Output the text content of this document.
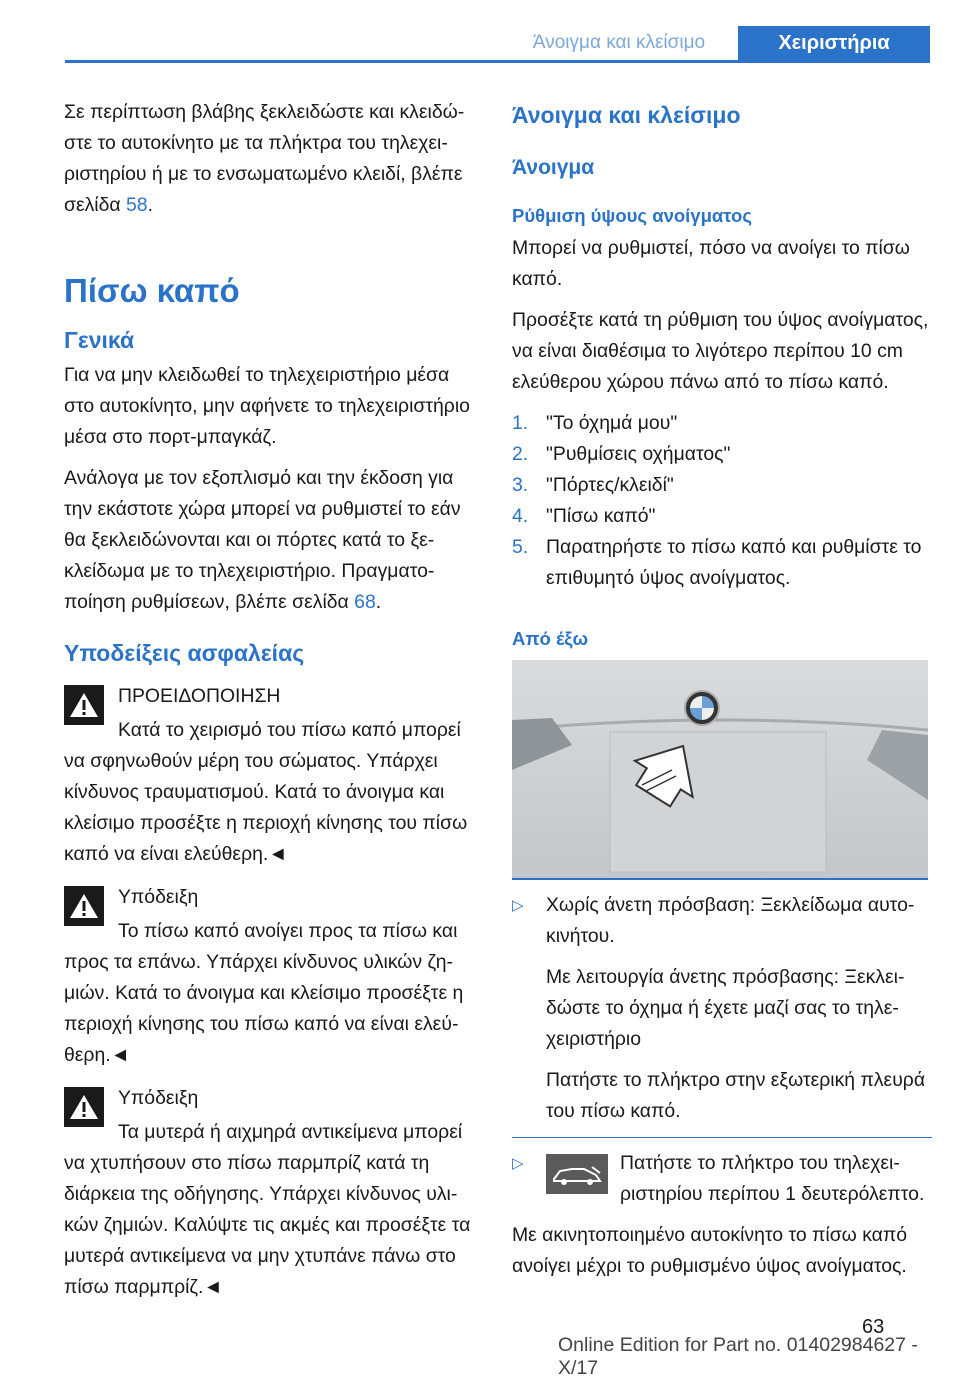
Άνοιγμα και κλείσιμο	Χειριστήρια

Σε περίπτωση βλάβης ξεκλειδώστε και κλειδώστε το αυτοκίνητο με τα πλήκτρα του τηλεχειριστηρίου ή με το ενσωματωμένο κλειδί, βλέπε σελίδα 58.

Πίσω καπό
Γενικά

Για να μην κλειδωθεί το τηλεχειριστήριο μέσα στο αυτοκίνητο, μην αφήνετε το τηλεχειριστήριο μέσα στο πορτ-μπαγκάζ.

Ανάλογα με τον εξοπλισμό και την έκδοση για την εκάστοτε χώρα μπορεί να ρυθμιστεί το εάν θα ξεκλειδώνονται και οι πόρτες κατά το ξεκλείδωμα με το τηλεχειριστήριο. Πραγματοποίηση ρυθμίσεων, βλέπε σελίδα 68.

Υποδείξεις ασφαλείας
ΠΡΟΕΙΔΟΠΟΙΗΣΗ

Κατά το χειρισμό του πίσω καπό μπορεί να σφηνωθούν μέρη του σώματος. Υπάρχει κίνδυνος τραυματισμού. Κατά το άνοιγμα και κλείσιμο προσέξτε η περιοχή κίνησης του πίσω καπό να είναι ελεύθερη.◄

Υπόδειξη

Το πίσω καπό ανοίγει προς τα πίσω και προς τα επάνω. Υπάρχει κίνδυνος υλικών ζημιών. Κατά το άνοιγμα και κλείσιμο προσέξτε η περιοχή κίνησης του πίσω καπό να είναι ελεύθερη.◄

Υπόδειξη

Τα μυτερά ή αιχμηρά αντικείμενα μπορεί να χτυπήσουν στο πίσω παρμπρίζ κατά τη διάρκεια της οδήγησης. Υπάρχει κίνδυνος υλικών ζημιών. Καλύψτε τις ακμές και προσέξτε τα μυτερά αντικείμενα να μην χτυπάνε πάνω στο πίσω παρμπρίζ.◄

Άνοιγμα και κλείσιμο
Άνοιγμα
Ρύθμιση ύψους ανοίγματος

Μπορεί να ρυθμιστεί, πόσο να ανοίγει το πίσω καπό.

Προσέξτε κατά τη ρύθμιση του ύψος ανοίγματος, να είναι διαθέσιμα το λιγότερο περίπου 10 cm ελεύθερου χώρου πάνω από το πίσω καπό.

1. "Το όχημά μου"
2. "Ρυθμίσεις οχήματος"
3. "Πόρτες/κλειδί"
4. "Πίσω καπό"
5. Παρατηρήστε το πίσω καπό και ρυθμίστε το επιθυμητό ύψος ανοίγματος.
Από έξω
▷ Χωρίς άνετη πρόσβαση: Ξεκλείδωμα αυτοκινήτου.

Με λειτουργία άνετης πρόσβασης: Ξεκλειδώστε το όχημα ή έχετε μαζί σας το τηλεχειριστήριο

Πατήστε το πλήκτρο στην εξωτερική πλευρά του πίσω καπό.

▷	Πατήστε το πλήκτρο του τηλεχειριστηρίου περίπου 1 δευτερόλεπτο.

Με ακινητοποιημένο αυτοκίνητο το πίσω καπό ανοίγει μέχρι το ρυθμισμένο ύψος ανοίγματος.

63
Online Edition for Part no. 01402984627 - X/17
